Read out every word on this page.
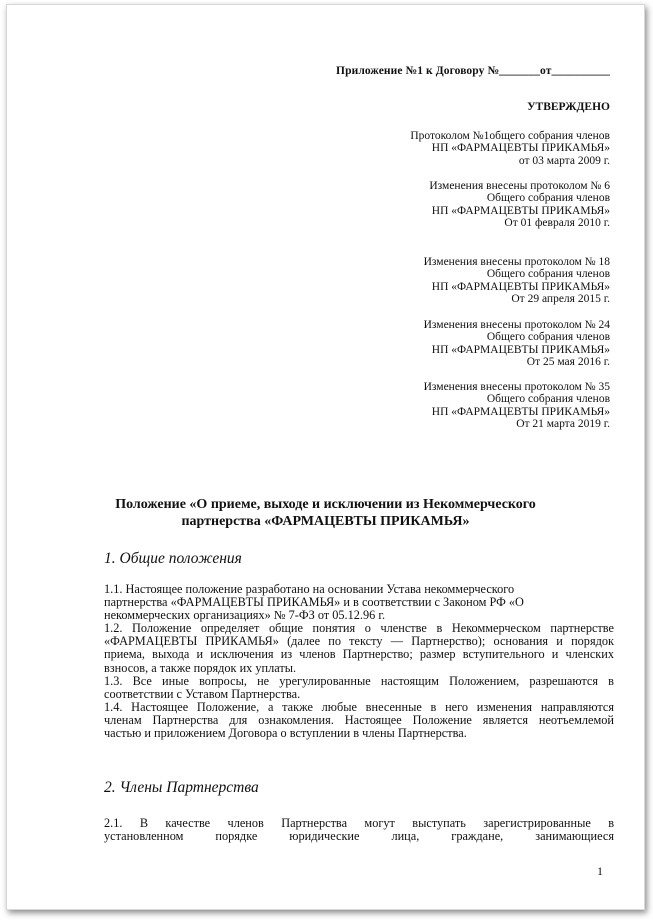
Приложение №1 к Договору №_______от__________
УТВЕРЖДЕНО
Протоколом №1общего собрания членов
НП «ФАРМАЦЕВТЫ ПРИКАМЬЯ»
от 03 марта 2009 г.
Изменения внесены протоколом № 6
Общего собрания членов
НП «ФАРМАЦЕВТЫ ПРИКАМЬЯ»
От 01 февраля 2010 г.
Изменения внесены протоколом № 18
Общего собрания членов
НП «ФАРМАЦЕВТЫ ПРИКАМЬЯ»
От 29 апреля 2015 г.
Изменения внесены протоколом № 24
Общего собрания членов
НП «ФАРМАЦЕВТЫ ПРИКАМЬЯ»
От 25 мая 2016 г.
Изменения внесены протоколом № 35
Общего собрания членов
НП «ФАРМАЦЕВТЫ ПРИКАМЬЯ»
От 21 марта 2019 г.
Положение «О приеме, выходе и исключении из Некоммерческого
партнерства «ФАРМАЦЕВТЫ ПРИКАМЬЯ»
1. Общие положения
1.1. Настоящее положение разработано на основании Устава некоммерческого
партнерства «ФАРМАЦЕВТЫ ПРИКАМЬЯ» и в соответствии с Законом РФ «О
некоммерческих организациях» № 7-ФЗ от 05.12.96 г.
1.2. Положение определяет общие понятия о членстве в Некоммерческом партнерстве
«ФАРМАЦЕВТЫ ПРИКАМЬЯ» (далее по тексту — Партнерство); основания и порядок
приема, выхода и исключения из членов Партнерство; размер вступительного и членских
взносов, а также порядок их уплаты.
1.3. Все иные вопросы, не урегулированные настоящим Положением, разрешаются в
соответствии с Уставом Партнерства.
1.4. Настоящее Положение, а также любые внесенные в него изменения направляются
членам Партнерства для ознакомления. Настоящее Положение является неотъемлемой
частью и приложением Договора о вступлении в члены Партнерства.
2. Члены Партнерства
2.1. В качестве членов Партнерства могут выступать зарегистрированные в
установленном порядке юридические лица, граждане, занимающиеся
1
